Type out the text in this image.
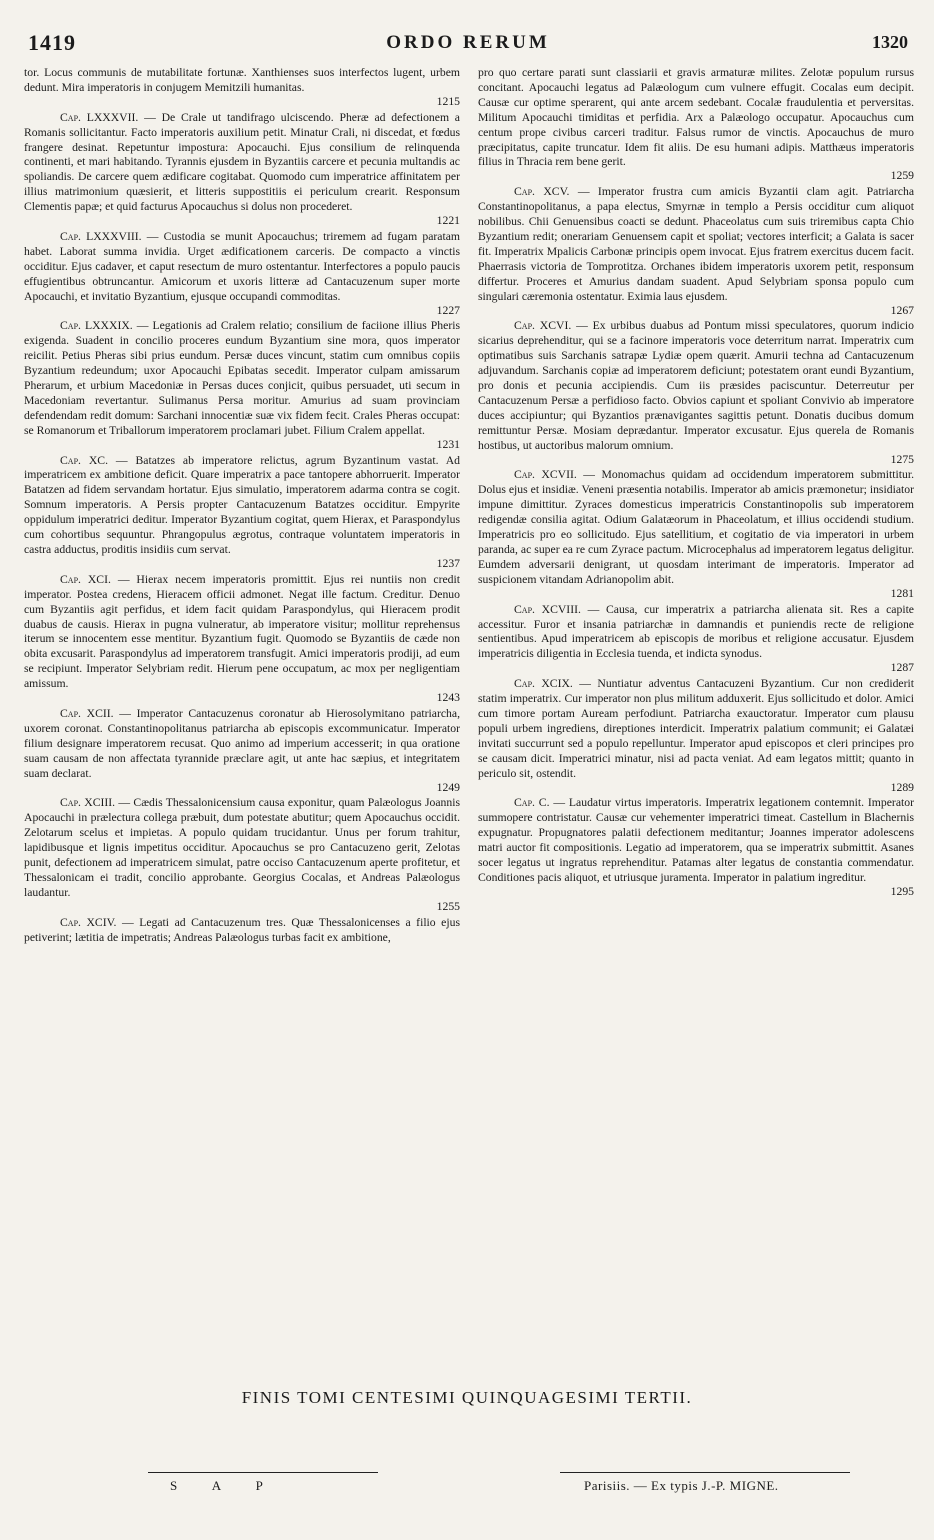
1419	ORDO RERUM	1320

tor. Locus communis de mutabilitate fortunæ. Xanthienses suos interfectos lugent, urbem dedunt. Mira imperatoris in conjugem Memitzili humanitas.
1215

Cap. LXXXVII. — De Crale ut tandifrago ulciscendo. Pheræ ad defectionem a Romanis sollicitantur. Facto imperatoris auxilium petit. Minatur Crali, ni discedat, et fœdus frangere desinat. Repetuntur impostura: Apocauchi. Ejus consilium de relinquenda continenti, et mari habitando. Tyrannis ejusdem in Byzantiis carcere et pecunia multandis ac spoliandis. De carcere quem ædificare cogitabat. Quomodo cum imperatrice affinitatem per illius matrimonium quæsierit, et litteris suppostitiis ei periculum crearit. Responsum Clementis papæ; et quid facturus Apocauchus si dolus non procederet.
1221

Cap. LXXXVIII. — Custodia se munit Apocauchus; triremem ad fugam paratam habet. Laborat summa invidia. Urget ædificationem carceris. De compacto a vinctis occiditur. Ejus cadaver, et caput resectum de muro ostentantur. Interfectores a populo paucis effugientibus obtruncantur. Amicorum et uxoris litteræ ad Cantacuzenum super morte Apocauchi, et invitatio Byzantium, ejusque occupandi commoditas.
1227

Cap. LXXXIX. — Legationis ad Cralem relatio; consilium de faciione illius Pheris exigenda. Suadent in concilio proceres eundum Byzantium sine mora, quos imperator reicilit. Petius Pheras sibi prius eundum. Persæ duces vincunt, statim cum omnibus copiis Byzantium redeundum; uxor Apocauchi Epibatas secedit. Imperator culpam amissarum Pherarum, et urbium Macedoniæ in Persas duces conjicit, quibus persuadet, uti secum in Macedoniam revertantur. Sulimanus Persa moritur. Amurius ad suam provinciam defendendam redit domum: Sarchani innocentiæ suæ vix fidem fecit. Crales Pheras occupat: se Romanorum et Triballorum imperatorem proclamari jubet. Filium Cralem appellat.
1231

Cap. XC. — Batatzes ab imperatore relictus, agrum Byzantinum vastat. Ad imperatricem ex ambitione deficit. Quare imperatrix a pace tantopere abhorruerit. Imperator Batatzen ad fidem servandam hortatur. Ejus simulatio, imperatorem adarma contra se cogit. Somnum imperatoris. A Persis propter Cantacuzenum Batatzes occiditur. Empyrite oppidulum imperatrici deditur. Imperator Byzantium cogitat, quem Hierax, et Paraspondylus cum cohortibus sequuntur. Phrangopulus ægrotus, contraque voluntatem imperatoris in castra adductus, proditis insidiis cum servat.
1237

Cap. XCI. — Hierax necem imperatoris promittit. Ejus rei nuntiis non credit imperator. Postea credens, Hieracem officii admonet. Negat ille factum. Creditur. Denuo cum Byzantiis agit perfidus, et idem facit quidam Paraspondylus, qui Hieracem prodit duabus de causis. Hierax in pugna vulneratur, ab imperatore visitur; mollitur reprehensus iterum se innocentem esse mentitur. Byzantium fugit. Quomodo se Byzantiis de cæde non obita excusarit. Paraspondylus ad imperatorem transfugit. Amici imperatoris prodiji, ad eum se recipiunt. Imperator Selybriam redit. Hierum pene occupatum, ac mox per negligentiam amissum.
1243

Cap. XCII. — Imperator Cantacuzenus coronatur ab Hierosolymitano patriarcha, uxorem coronat. Constantinopolitanus patriarcha ab episcopis excommunicatur. Imperator filium designare imperatorem recusat. Quo animo ad imperium accesserit; in qua oratione suam causam de non affectata tyrannide præclare agit, ut ante hac sæpius, et integritatem suam declarat.
1249

Cap. XCIII. — Cædis Thessalonicensium causa exponitur, quam Palæologus Joannis Apocauchi in prælectura collega præbuit, dum potestate abutitur; quem Apocauchus occidit. Zelotarum scelus et impietas. A populo quidam trucidantur. Unus per forum trahitur, lapidibusque et lignis impetitus occiditur. Apocauchus se pro Cantacuzeno gerit, Zelotas punit, defectionem ad imperatricem simulat, patre occiso Cantacuzenum aperte profitetur, et Thessalonicam ei tradit, concilio approbante. Georgius Cocalas, et Andreas Palæologus laudantur.
1255

Cap. XCIV. — Legati ad Cantacuzenum tres. Quæ Thessalonicenses a filio ejus petiverint; lætitia de impetratis; Andreas Palæologus turbas facit ex ambitione,

pro quo certare parati sunt classiarii et gravis armaturæ milites. Zelotæ populum rursus concitant. Apocauchi legatus ad Palæologum cum vulnere effugit. Cocalas eum decipit. Causæ cur optime sperarent, qui ante arcem sedebant. Cocalæ fraudulentia et perversitas. Militum Apocauchi timiditas et perfidia. Arx a Palæologo occupatur. Apocauchus cum centum prope civibus carceri traditur. Falsus rumor de vinctis. Apocauchus de muro præcipitatus, capite truncatur. Idem fit aliis. De esu humani adipis. Matthæus imperatoris filius in Thracia rem bene gerit.
1259

Cap. XCV. — Imperator frustra cum amicis Byzantii clam agit. Patriarcha Constantinopolitanus, a papa electus, Smyrnæ in templo a Persis occiditur cum aliquot nobilibus. Chii Genuensibus coacti se dedunt. Phaceolatus cum suis triremibus capta Chio Byzantium redit; onerariam Genuensem capit et spoliat; vectores interficit; a Galata is sacer fit. Imperatrix Mpalicis Carbonæ principis opem invocat. Ejus fratrem exercitus ducem facit. Phaerrasis victoria de Tomprotitza. Orchanes ibidem imperatoris uxorem petit, responsum differtur. Proceres et Amurius dandam suadent. Apud Selybriam sponsa populo cum singulari cæremonia ostentatur. Eximia laus ejusdem.
1267

Cap. XCVI. — Ex urbibus duabus ad Pontum missi speculatores, quorum indicio sicarius deprehenditur, qui se a facinore imperatoris voce deterritum narrat. Imperatrix cum optimatibus suis Sarchanis satrapæ Lydiæ opem quærit. Amurii techna ad Cantacuzenum adjuvandum. Sarchanis copiæ ad imperatorem deficiunt; potestatem orant eundi Byzantium, pro donis et pecunia accipiendis. Cum iis præsides paciscuntur. Deterreutur per Cantacuzenum Persæ a perfidioso facto. Obvios capiunt et spoliant Convivio ab imperatore duces accipiuntur; qui Byzantios prænavigantes sagittis petunt. Donatis ducibus domum remittuntur Persæ. Mosiam deprædantur. Imperator excusatur. Ejus querela de Romanis hostibus, ut auctoribus malorum omnium.
1275

Cap. XCVII. — Monomachus quidam ad occidendum imperatorem submittitur. Dolus ejus et insidiæ. Veneni præsentia notabilis. Imperator ab amicis præmonetur; insidiator impune dimittitur. Zyraces domesticus imperatricis Constantinopolis sub imperatorem redigendæ consilia agitat. Odium Galatæorum in Phaceolatum, et illius occidendi studium. Imperatricis pro eo sollicitudo. Ejus satellitium, et cogitatio de via imperatori in urbem paranda, ac super ea re cum Zyrace pactum. Microcephalus ad imperatorem legatus deligitur. Eumdem adversarii denigrant, ut quosdam interimant de imperatoris. Imperator ad suspicionem vitandam Adrianopolim abit.
1281

Cap. XCVIII. — Causa, cur imperatrix a patriarcha alienata sit. Res a capite accessitur. Furor et insania patriarchæ in damnandis et puniendis recte de religione sentientibus. Apud imperatricem ab episcopis de moribus et religione accusatur. Ejusdem imperatricis diligentia in Ecclesia tuenda, et indicta synodus.
1287

Cap. XCIX. — Nuntiatur adventus Cantacuzeni Byzantium. Cur non crediderit statim imperatrix. Cur imperator non plus militum adduxerit. Ejus sollicitudo et dolor. Amici cum timore portam Auream perfodiunt. Patriarcha exauctoratur. Imperator cum plausu populi urbem ingrediens, direptiones interdicit. Imperatrix palatium communit; ei Galatæi invitati succurrunt sed a populo repelluntur. Imperator apud episcopos et cleri principes pro se causam dicit. Imperatrici minatur, nisi ad pacta veniat. Ad eam legatos mittit; quanto in periculo sit, ostendit.
1289

Cap. C. — Laudatur virtus imperatoris. Imperatrix legationem contemnit. Imperator summopere contristatur. Causæ cur vehementer imperatrici timeat. Castellum in Blachernis expugnatur. Propugnatores palatii defectionem meditantur; Joannes imperator adolescens matri auctor fit compositionis. Legatio ad imperatorem, qua se imperatrix submittit. Asanes socer legatus ut ingratus reprehenditur. Patamas alter legatus de constantia commendatur. Conditiones pacis aliquot, et utriusque juramenta. Imperator in palatium ingreditur.
1295

FINIS TOMI CENTESIMI QUINQUAGESIMI TERTII.
S A P	Parisiis. — Ex typis J.-P. MIGNE.
